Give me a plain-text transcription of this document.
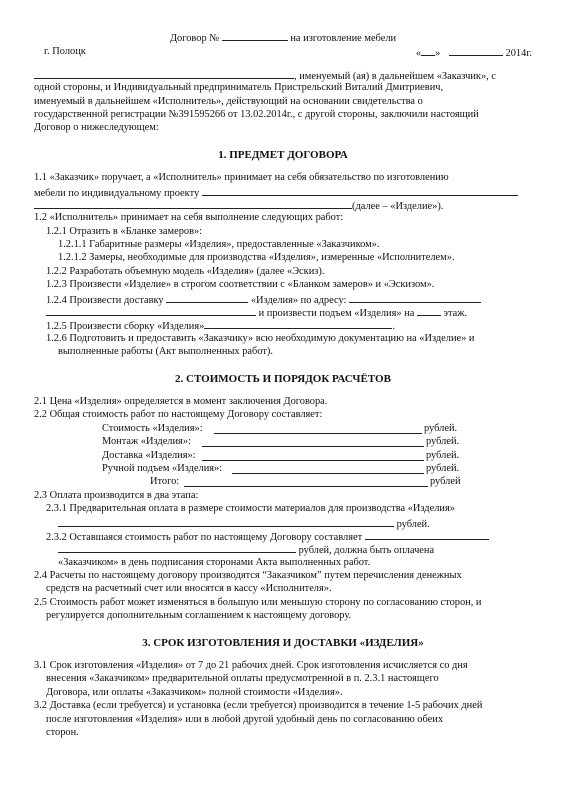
Договор №	на изготовление мебели
г. Полоцк	« »	2014г.
, именуемый (ая) в дальнейшем «Заказчик», с
одной стороны, и Индивидуальный предприниматель Пристрельский Виталий Дмитриевич,
именуемый в дальнейшем «Исполнитель», действующий на основании свидетельства о
государственной регистрации №391595266 от 13.02.2014г., с другой стороны, заключили настоящий
Договор о нижеследующем:
1. ПРЕДМЕТ ДОГОВОРА
1.1 «Заказчик» поручает, а «Исполнитель» принимает на себя обязательство по изготовлению
мебели по индивидуальному проекту
(далее – «Изделие»).
1.2 «Исполнитель» принимает на себя выполнение следующих работ:
1.2.1 Отразить в «Бланке замеров»:
1.2.1.1 Габаритные размеры «Изделия», предоставленные «Заказчиком».
1.2.1.2 Замеры, необходимые для производства «Изделия», измеренные «Исполнителем».
1.2.2 Разработать объемную модель «Изделия» (далее «Эскиз).
1.2.3 Произвести «Изделие» в строгом соответствии с «Бланком замеров» и «Эскизом».
1.2.4 Произвести доставку	«Изделия» по адресу:
и произвести подъем «Изделия» на	этаж.
1.2.5 Произвести сборку «Изделия»	.
1.2.6 Подготовить и предоставить «Заказчику» всю необходимую документацию на «Изделие» и
выполненные работы (Акт выполненных работ).
2. СТОИМОСТЬ И ПОРЯДОК РАСЧЁТОВ
2.1 Цена «Изделия» определяется в момент заключения Договора.
2.2 Общая стоимость работ по настоящему Договору составляет:
Стоимость «Изделия»:	рублей.
Монтаж «Изделия»:	рублей.
Доставка «Изделия»:	рублей.
Ручной подъем «Изделия»:	рублей.
Итого:	рублей
2.3 Оплата производится в два этапа:
2.3.1 Предварительная оплата в размере стоимости материалов для производства «Изделия»
рублей.
2.3.2 Оставшаяся стоимость работ по настоящему Договору составляет
рублей, должна быть оплачена
«Заказчиком» в день подписания сторонами Акта выполненных работ.
2.4 Расчеты по настоящему договору производятся “Заказчиком” путем перечисления денежных
средств на расчетный счет или вносятся в кассу «Исполнителя».
2.5 Стоимость работ может изменяться в большую или меньшую сторону по согласованию сторон, и
регулируется дополнительным соглашением к настоящему договору.
3. СРОК ИЗГОТОВЛЕНИЯ И ДОСТАВКИ «ИЗДЕЛИЯ»
3.1 Срок изготовления «Изделия» от 7 до 21 рабочих дней. Срок изготовления исчисляется со дня
внесения «Заказчиком» предварительной оплаты предусмотренной в п. 2.3.1 настоящего
Договора, или оплаты «Заказчиком» полной стоимости «Изделия».
3.2 Доставка (если требуется) и установка (если требуется) производится в течение 1-5 рабочих дней
после изготовления «Изделия» или в любой другой удобный день по согласованию обеих
сторон.
